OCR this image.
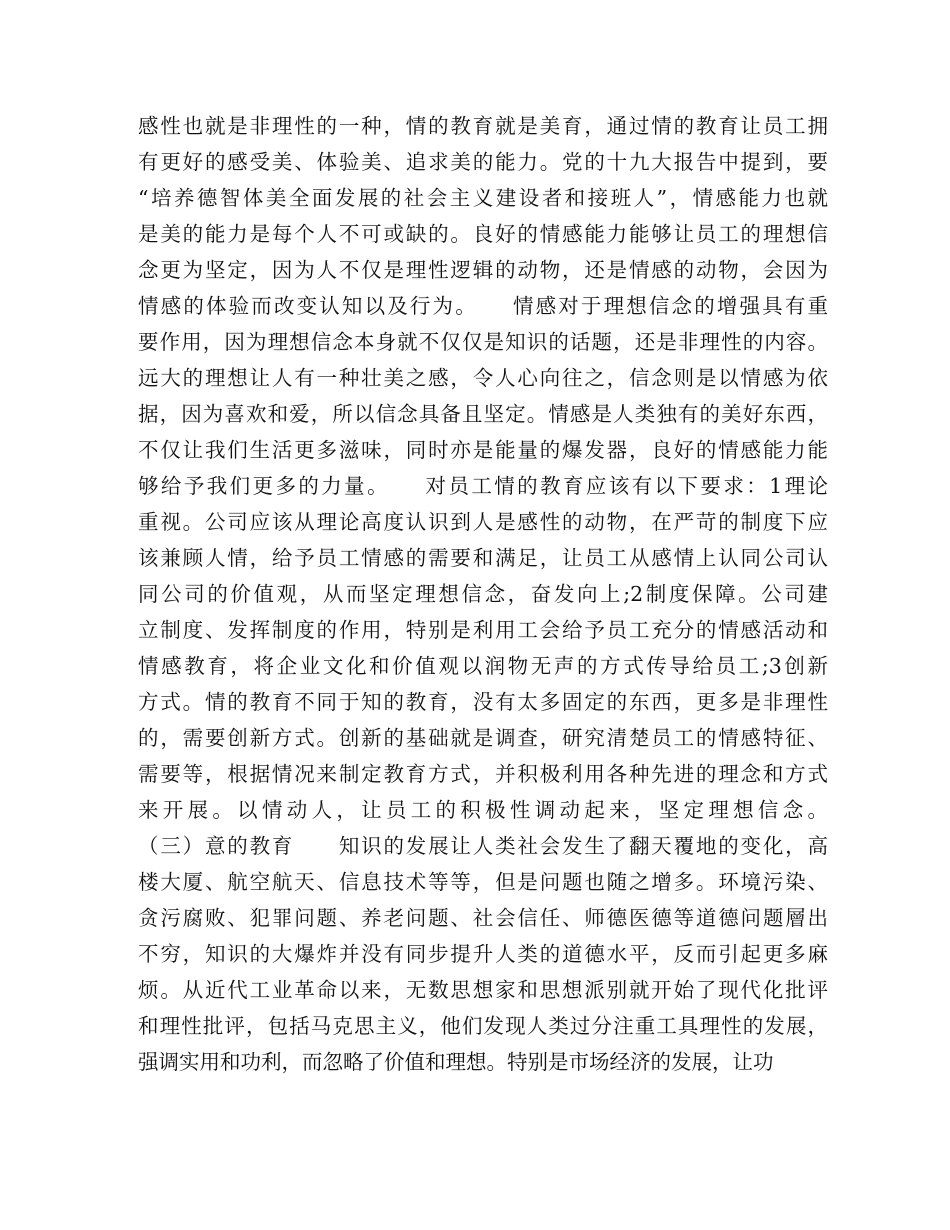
感性也就是非理性的一种，情的教育就是美育，通过情的教育让员工拥
有更好的感受美、体验美、追求美的能力。党的十九大报告中提到，要
“培养德智体美全面发展的社会主义建设者和接班人”，情感能力也就
是美的能力是每个人不可或缺的。良好的情感能力能够让员工的理想信
念更为坚定，因为人不仅是理性逻辑的动物，还是情感的动物，会因为
情感的体验而改变认知以及行为。　　情感对于理想信念的增强具有重
要作用，因为理想信念本身就不仅仅是知识的话题，还是非理性的内容。
远大的理想让人有一种壮美之感，令人心向往之，信念则是以情感为依
据，因为喜欢和爱，所以信念具备且坚定。情感是人类独有的美好东西，
不仅让我们生活更多滋味，同时亦是能量的爆发器，良好的情感能力能
够给予我们更多的力量。　　对员工情的教育应该有以下要求：1理论
重视。公司应该从理论高度认识到人是感性的动物，在严苛的制度下应
该兼顾人情，给予员工情感的需要和满足，让员工从感情上认同公司认
同公司的价值观，从而坚定理想信念，奋发向上;2制度保障。公司建
立制度、发挥制度的作用，特别是利用工会给予员工充分的情感活动和
情感教育，将企业文化和价值观以润物无声的方式传导给员工;3创新
方式。情的教育不同于知的教育，没有太多固定的东西，更多是非理性
的，需要创新方式。创新的基础就是调查，研究清楚员工的情感特征、
需要等，根据情况来制定教育方式，并积极利用各种先进的理念和方式
来开展。以情动人，让员工的积极性调动起来，坚定理想信念。
（三）意的教育　　知识的发展让人类社会发生了翻天覆地的变化，高
楼大厦、航空航天、信息技术等等，但是问题也随之增多。环境污染、
贪污腐败、犯罪问题、养老问题、社会信任、师德医德等道德问题層出
不穷，知识的大爆炸并没有同步提升人类的道德水平，反而引起更多麻
烦。从近代工业革命以来，无数思想家和思想派别就开始了现代化批评
和理性批评，包括马克思主义，他们发现人类过分注重工具理性的发展，
强调实用和功利，而忽略了价值和理想。特别是市场经济的发展，让功
